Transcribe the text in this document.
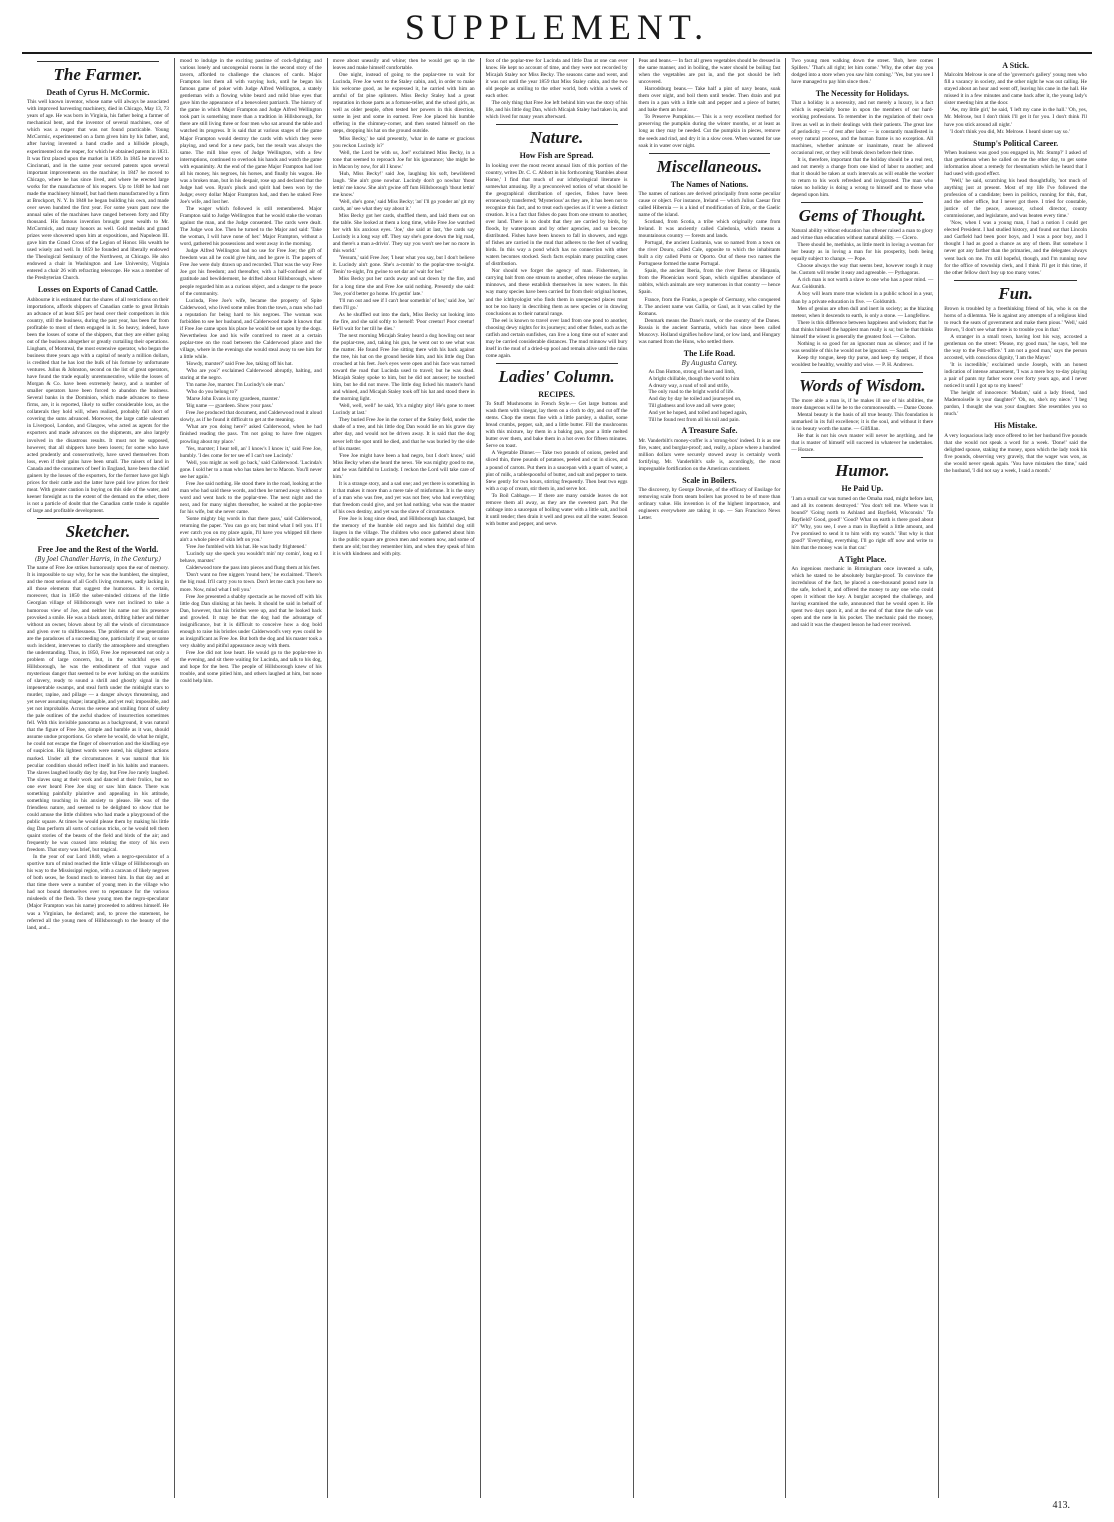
SUPPLEMENT.
The Farmer.
Death of Cyrus H. McCormic.

This well known inventor, whose name will always be associated with improved harvesting machinery, died in Chicago, May 13, 73 years of age. He was born in Virginia, his father being a farmer of mechanical bent, and the inventor of several machines, one of which was a reaper that was not found practicable. Young McCormic, experimented on a farm given him by his father, and, after having invented a hand cradle and a hillside plough, experimented on the reaper, for which he obtained patents in 1831. It was first placed upon the market in 1839. In 1845 he moved to Cincinnati, and in the same year secured patents upon several important improvements on the machine; in 1847 he moved to Chicago, where he has since lived, and where he erected large works for the manufacture of his reapers. Up to 1848 he had not made the machinery himself, but had them manufactured by a firm at Brockport, N. Y. In 1848 he began building his own, and made over seven hundred the first year. For some years past now the annual sales of the machines have ranged between forty and fifty thousand. His famous invention brought great wealth to Mr. McCormick, and many honors as well. Gold medals and grand prizes were showered upon him at expositions, and Napoleon III. gave him the Grand Cross of the Legion of Honor. His wealth he used wisely and well. In 1859 he founded and liberally endowed the Theological Seminary of the Northwest, at Chicago. He also endowed a chair in Washington and Lee University, Virginia entered a chair 26 with refracting telescope. He was a member of the Presbyterian Church.

Losses on Exports of Canad Cattle.

Ashbourne it is estimated that the shares of all restrictions on their importations, affords shippers of Canadian cattle to great Britain an advance of at least $15 per head over their competitors in this country, still the business, during the past year, has been far from profitable to most of them engaged in it. So heavy, indeed, have been the losses of some of the shippers, that they are either going out of the business altogether or greatly curtailing their operations. Lingham, of Montreal, the most extensive operator, who began the business three years ago with a capital of nearly a million dollars, is credited that he has lost the bulk of his fortune by unfortunate ventures. Julius & Johnston, second on the list of great operators, have found the trade equally unremunerative, while the losses of Morgan & Co. have been extremely heavy, and a number of smaller operators have been forced to abandon the business. Several banks in the Dominion, which made advances to these firms, are, it is reported, likely to suffer considerable loss, as the collaterals they hold will, when realized, probably fall short of covering the sums advanced. Moreover, the large cattle salesmen in Liverpool, London, and Glasgow, who acted as agents for the exporters and made advances on the shipments, are also largely involved in the disastrous results. It must not be supposed, however, that all shippers have been losers; for some who have acted prudently and conservatively, have saved themselves from loss, even if their gains have been small. The raisers of land in Canada and the consumers of beef in England, have been the chief gainers by the losses of the exporters, for the former have got high prices for their cattle and the latter have paid low prices for their meat. With greater caution in buying on this side of the water, and keener foresight as to the extent of the demand on the other, there is not a particle of doubt that the Canadian cattle trade is capable of large and profitable development.

Sketcher.
Free Joe and the Rest of the World.
(By Joel Chandler Harris, in the Century.)

The name of Free Joe strikes humorously upon the ear of memory. It is impossible to say why, for he was the humblest, the simplest, and the most serious of all God's living creatures, sadly lacking in all those elements that suggest the humorous. It is certain, moreover, that in 1850 the sober-minded citizens of the little Georgian village of Hillsborough were not inclined to take a humorous view of Joe, and neither his name nor his presence provoked a smile. He was a black atom, drifting hither and thither without an owner, blown about by all the winds of circumstance and given over to shiftlessness. The problems of one generation are the paradoxes of a succeeding one, particularly if war, or some such incident, intervenes to clarify the atmosphere and strengthen the understanding. Thus, in 1850, Free Joe represented not only a problem of large concern, but, in the watchful eyes of Hillsborough, he was the embodiment of that vague and mysterious danger that seemed to be ever lurking on the outskirts of slavery, ready to sound a shrill and ghostly signal in the impenetrable swamps, and steal forth under the midnight stars to murder, rapine, and pillage — a danger always threatening, and yet never assuming shape; intangible, and yet real; impossible, and yet not improbable. Across the serene and smiling front of safety the pale outlines of the awful shadow of insurrection sometimes fell. With this invisible panorama as a background, it was natural that the figure of Free Joe, simple and humble as it was, should assume undue proportions. Go where he would, do what he might, he could not escape the finger of observation and the kindling eye of suspicion. His lightest words were noted, his slightest actions marked. Under all the circumstances it was natural that his peculiar condition should reflect itself in his habits and manners. The slaves laughed loudly day by day, but Free Joe rarely laughed. The slaves sang at their work and danced at their frolics, but no one ever heard Free Joe sing or saw him dance. There was something painfully plaintive and appealing in his attitude, something touching in his anxiety to please. He was of the friendless nature, and seemed to be delighted to show that he could amuse the little children who had made a playground of the public square. At times he would please them by making his little dog Dan perform all sorts of curious tricks, or he would tell them quaint stories of the beasts of the field and birds of the air; and frequently he was coaxed into relating the story of his own freedom. That story was brief, but tragical.

In the year of our Lord 1840, when a negro-speculator of a sportive turn of mind reached the little village of Hillsborough on his way to the Mississippi region, with a caravan of likely negroes of both sexes, he found much to interest him. In that day and at that time there were a number of young men in the village who had not bound themselves over to repentance for the various misdeeds of the flesh. To these young men the negro-speculator (Major Frampton was his name) proceeded to address himself. He was a Virginian, he declared; and, to prove the statement, he referred all the young men of Hillsborough to the beauty of the land, and...

mood to indulge in the exciting pastime of cock-fighting; and various lonely and uncongenial rooms in the second story of the tavern, afforded to challenge the chances of cards. Major Frampton lost them all with varying luck, until he began his famous game of poker with Judge Alfred Wellington, a stately gentleman with a flowing white beard and mild blue eyes that gave him the appearance of a benevolent patriarch. The history of the game in which Major Frampton and Judge Alfred Wellington took part is something more than a tradition in Hillsborough, for there are still living three or four men who sat around the table and watched its progress. It is said that at various stages of the game Major Frampton would destroy the cards with which they were playing, and send for a new pack, but the result was always the same. The mill blue eyes of Judge Wellington, with a few interruptions, continued to overlook his hands and watch the game with equanimity. At the end of the game Major Frampton had lost all his money, his negroes, his horses, and finally his wagon. He was a broken man, but in his despair, rose up and declared that the Judge had won. Ryan's pluck and spirit had been won by the Judge; every dollar Major Frampton had, and then he staked Free Joe's wife, and lost her.

The wager which followed is still remembered. Major Frampton said to Judge Wellington that he would stake the woman against the man, and the Judge consented. The cards were dealt. The Judge won Joe. Then he turned to the Major and said: 'Take the woman, I will have none of her.' Major Frampton, without a word, gathered his possessions and went away in the morning.

Judge Alfred Wellington had no use for Free Joe; the gift of freedom was all he could give him, and he gave it. The papers of Free Joe were duly drawn up and recorded. That was the way Free Joe got his freedom; and thereafter, with a half-confused air of gratitude and bewilderment, he drifted about Hillsborough, where people regarded him as a curious object, and a danger to the peace of the community.

Lucinda, Free Joe's wife, became the property of Spite Calderwood, who lived some miles from the town, a man who had a reputation for being hard to his negroes. The woman was forbidden to see her husband, and Calderwood made it known that if Free Joe came upon his place he would be set upon by the dogs. Nevertheless Joe and his wife contrived to meet at a certain poplar-tree on the road between the Calderwood place and the village, where in the evenings she would steal away to see him for a little while.

'Howdy, marster?' said Free Joe, taking off his hat.

'Who are you?' exclaimed Calderwood abruptly, halting, and staring at the negro.

'I'm name Joe, marster. I'm Lucindy's ole man.'

'Who do you belong to?'

'Marse John Evans is my gyardeen, marster.'

'Big name — gyardeen. Show your pass.'

Free Joe produced that document, and Calderwood read it aloud slowly, as if he found it difficult to get at the meaning.

'What are you doing here?' asked Calderwood, when he had finished reading the pass. 'I'm not going to have free niggers prowling about my place.'

'Yes, marster; I hear tell, an' I know's I know it,' said Free Joe, humbly. 'I des come fer ter see ef I can't see Lucindy.'

'Well, you might as well go back,' said Calderwood. 'Lucinda's gone. I sold her to a man who has taken her to Macon. You'll never see her again.'

Free Joe said nothing. He stood there in the road, looking at the man who had said these words, and then he turned away without a word and went back to the poplar-tree. The next night and the next, and for many nights thereafter, he waited at the poplar-tree for his wife, but she never came.

'Some mighty big words in that there pass,' said Calderwood, returning the paper. 'You can go on; but mind what I tell you. If I ever catch you on my place again, I'll have you whipped till there ain't a whole piece of skin left on you.'

'Free Joe fumbled with his hat. He was badly frightened.'

'Lucindy say she speck you wouldn't min' my comin', long ez I behave, marster.'

Calderwood tore the pass into pieces and flung them at his feet.

'Don't want no free niggers 'round here,' he exclaimed. 'There's the big road. It'll carry you to town. Don't let me catch you here no more. Now, mind what I tell you.'

Free Joe presented a shabby spectacle as he moved off with his little dog Dan slinking at his heels. It should be said in behalf of Dan, however, that his bristles were up, and that he looked back and growled. It may be that the dog had the advantage of insignificance, but it is difficult to conceive how a dog bold enough to raise his bristles under Calderwood's very eyes could be as insignificant as Free Joe. But both the dog and his master took a very shabby and pitiful appearance away with them.

Free Joe did not lose heart. He would go to the poplar-tree in the evening, and sit there waiting for Lucinda, and talk to his dog, and hope for the best. The people of Hillsborough knew of his trouble, and some pitied him, and others laughed at him, but none could help him.

move about uneasily and whine; then he would get up in the leaves and make himself comfortable.

One night, instead of going to the poplar-tree to wait for Lucinda, Free Joe went to the Staley cabin, and, in order to make his welcome good, as he expressed it, he carried with him an armful of fat pine splinters. Miss Becky Staley had a great reputation in those parts as a fortune-teller, and the school girls, as well as older people, often tested her powers in this direction, some in jest and some in earnest. Free Joe placed his humble offering in the chimney-corner, and then seated himself on the steps, dropping his hat on the ground outside.

'Miss Becky,' he said presently, 'whar in de name er gracious you reckon Lucindy is?'

'Well, the Lord be with us, Joe!' exclaimed Miss Becky, in a tone that seemed to reproach Joe for his ignorance; 'she might be in Macon by now, for all I know.'

'Huh, Miss Becky!' said Joe, laughing his soft, bewildered laugh. 'She ain't gone nowhar. Lucindy don't go nowhar 'thout lettin' me know. She ain't gwine off fum Hillsborough 'thout lettin' me know.'

'Well, she's gone,' said Miss Becky; 'an' I'll go yonder an' git my cards, an' see what they say about it.'

Miss Becky got her cards, shuffled them, and laid them out on the table. She looked at them a long time, while Free Joe watched her with his anxious eyes. 'Joe,' she said at last, 'the cards say Lucindy is a long way off. They say she's gone down the big road, and there's a man a-drivin'. They say you won't see her no more in this world.'

'Yessum,' said Free Joe; 'I hear what you say, but I don't believe it. Lucindy ain't gone. She's a-comin' to the poplar-tree to-night. Tenin' to-night, I'm gwine to set dar an' wait for her.'

Miss Becky put her cards away and sat down by the fire, and for a long time she and Free Joe said nothing. Presently she said: 'Joe, you'd better go home. It's gettin' late.'

'I'll run out and see if I can't hear somethin' of her,' said Joe, 'an' then I'll go.'

As he shuffled out into the dark, Miss Becky sat looking into the fire, and she said softly to herself: 'Poor creetur! Poor creetur! He'll wait for her till he dies.'

The next morning Micajah Staley heard a dog howling out near the poplar-tree, and, taking his gun, he went out to see what was the matter. He found Free Joe sitting there with his back against the tree, his hat on the ground beside him, and his little dog Dan crouched at his feet. Joe's eyes were open and his face was turned toward the road that Lucinda used to travel; but he was dead. Micajah Staley spoke to him, but he did not answer; he touched him, but he did not move. The little dog licked his master's hand and whined, and Micajah Staley took off his hat and stood there in the morning light.

'Well, well, well!' he said, 'it's a mighty pity! He's gone to meet Lucindy at last.'

They buried Free Joe in the corner of the Staley field, under the shade of a tree, and his little dog Dan would lie on his grave day after day, and would not be driven away. It is said that the dog never left the spot until he died, and that he was buried by the side of his master.

'Free Joe might have been a bad negro, but I don't know,' said Miss Becky when she heard the news. 'He was mighty good to me, and he was faithful to Lucindy. I reckon the Lord will take care of him.'

It is a strange story, and a sad one; and yet there is something in it that makes it more than a mere tale of misfortune. It is the story of a man who was free, and yet was not free; who had everything that freedom could give, and yet had nothing; who was the master of his own destiny, and yet was the slave of circumstance.

Free Joe is long since dead, and Hillsborough has changed, but the memory of the humble old negro and his faithful dog still lingers in the village. The children who once gathered about him in the public square are grown men and women now, and some of them are old; but they remember him, and when they speak of him it is with kindness and with pity.

foot of the poplar-tree for Lucinda and little Dan at one can ever know. He kept no account of time, and they were not recorded by Micajah Staley nor Miss Becky. The seasons came and went, and it was not until the year 1859 that Miss Staley cabin, and the two old people as smiling to the other world, both within a week of each other.

The only thing that Free Joe left behind him was the story of his life, and his little dog Dan, which Micajah Staley had taken in, and which lived for many years afterward.

Nature.
How Fish are Spread.

In looking over the most recent annual lists of this portion of the country, writes Dr. C. C. Abbott in his forthcoming 'Rambles about Home,' I find that much of our ichthyological literature is somewhat amusing. By a preconceived notion of what should be the geographical distribution of species, fishes have been erroneously transferred; 'Mysterious' as they are, it has been not to recognize this fact, and to treat each species as if it were a distinct creation. It is a fact that fishes do pass from one stream to another, over land. There is no doubt that they are carried by birds, by floods, by waterspouts and by other agencies, and so become distributed. Fishes have been known to fall in showers, and eggs of fishes are carried in the mud that adheres to the feet of wading birds. In this way a pond which has no connection with other waters becomes stocked. Such facts explain many puzzling cases of distribution.

Nor should we forget the agency of man. Fishermen, in carrying bait from one stream to another, often release the surplus minnows, and these establish themselves in new waters. In this way many species have been carried far from their original homes, and the ichthyologist who finds them in unexpected places must not be too hasty in describing them as new species or in drawing conclusions as to their natural range.

The eel is known to travel over land from one pond to another, choosing dewy nights for its journeys; and other fishes, such as the catfish and certain sunfishes, can live a long time out of water and may be carried considerable distances. The mud minnow will bury itself in the mud of a dried-up pool and remain alive until the rains come again.

Ladies' Column.
RECIPES.

To Stuff Mushrooms in French Style.— Get large buttons and wash them with vinegar, lay them on a cloth to dry, and cut off the stems. Chop the stems fine with a little parsley, a shallot, some bread crumbs, pepper, salt, and a little butter. Fill the mushrooms with this mixture, lay them in a baking pan, pour a little melted butter over them, and bake them in a hot oven for fifteen minutes. Serve on toast.

A Vegetable Dinner.— Take two pounds of onions, peeled and sliced thin, three pounds of potatoes, peeled and cut in slices, and a pound of carrots. Put them in a saucepan with a quart of water, a pint of milk, a tablespoonful of butter, and salt and pepper to taste. Stew gently for two hours, stirring frequently. Then beat two eggs with a cup of cream, stir them in, and serve hot.

To Boil Cabbage.— If there are many outside leaves do not remove them all away, as they are the sweetest part. Put the cabbage into a saucepan of boiling water with a little salt, and boil it until tender; then drain it well and press out all the water. Season with butter and pepper, and serve.

Peas and beans.— In fact all green vegetables should be dressed in the same manner, and in boiling, the water should be boiling fast when the vegetables are put in, and the pot should be left uncovered.

Harrodsburg beans.— Take half a pint of navy beans, soak them over night, and boil them until tender. Then drain and put them in a pan with a little salt and pepper and a piece of butter, and bake them an hour.

To Preserve Pumpkins.— This is a very excellent method for preserving the pumpkin during the winter months, or at least as long as they may be needed. Cut the pumpkin in pieces, remove the seeds and rind, and dry it in a slow oven. When wanted for use soak it in water over night.

Miscellaneous.
The Names of Nations.

The names of nations are derived principally from some peculiar cause or object. For instance, Ireland — which Julius Caesar first called Hibernia — is a kind of modification of Erin, or the Gaelic name of the island.

Scotland, from Scotia, a tribe which originally came from Ireland. It was anciently called Caledonia, which means a mountainous country — forests and lands.

Portugal, the ancient Lusitania, was so named from a town on the river Douro, called Cale, opposite to which the inhabitants built a city called Porto or Oporto. Out of these two names the Portuguese formed the name Portugal.

Spain, the ancient Iberia, from the river Iberus or Hispania, from the Phoenician word Span, which signifies abundance of rabbits, which animals are very numerous in that country — hence Spain.

France, from the Franks, a people of Germany, who conquered it. The ancient name was Gallia, or Gaul, as it was called by the Romans.

Denmark means the Dane's mark, or the country of the Danes. Russia is the ancient Sarmatia, which has since been called Muscovy. Holland signifies hollow land, or low land, and Hungary was named from the Huns, who settled there.

The Life Road.
By Augusta Carey.
As Dan Hutton, strong of heart and limb,
A bright chillable, though the world to him
A dreary way, a road of toil and strife,
The only road to the bright world of life.
And day by day he toiled and journeyed on,
Till gladness and love and all were gone;
And yet he hoped, and toiled and hoped again,
Till he found rest from all his toil and pain.
A Treasure Safe.

Mr. Vanderbilt's money-coffer is a 'strong-box' indeed. It is as one fire, water, and burglar-proof; and, really, a place where a hundred million dollars were securely stowed away is certainly worth fortifying. Mr. Vanderbilt's safe is, accordingly, the most impregnable fortification on the American continent.

Scale in Boilers.

The discovery, by George Downie, of the efficacy of Ensilage for removing scale from steam boilers has proved to be of more than ordinary value. His invention is of the highest importance, and engineers everywhere are taking it up. — San Francisco News Letter.

Two young men walking down the street. 'Bob, here comes Spillers.' 'That's all right; let him come.' 'Why, the other day you dodged into a store when you saw him coming.' 'Yes, but you see I have managed to pay him since then.'

The Necessity for Holidays.

That a holiday is a necessity, and not merely a luxury, is a fact which is especially borne in upon the members of our hard-working professions. To remember in the regulation of their own lives as well as in their dealings with their patients. The great law of periodicity — of rest after labor — is constantly manifested in every natural process, and the human frame is no exception. All machines, whether animate or inanimate, must be allowed occasional rest, or they will break down before their time.

It is, therefore, important that the holiday should be a real rest, and not merely a change from one kind of labor to another; and that it should be taken at such intervals as will enable the worker to return to his work refreshed and invigorated. The man who takes no holiday is doing a wrong to himself and to those who depend upon him.

Gems of Thought.

Natural ability without education has oftener raised a man to glory and virtue than education without natural ability. — Cicero.

There should be, methinks, as little merit in loving a woman for her beauty as in loving a man for his prosperity, both being equally subject to change. — Pope.

Choose always the way that seems best, however rough it may be. Custom will render it easy and agreeable. — Pythagoras.

A rich man is not worth a slave to one who has a poor mind. — Aur. Goldsmith.

A boy will learn more true wisdom in a public school in a year, than by a private education in five. — Goldsmith.

Men of genius are often dull and inert in society; as the blazing meteor, when it descends to earth, is only a stone. — Longfellow.

There is this difference between happiness and wisdom; that he that thinks himself the happiest man really is so; but he that thinks himself the wisest is generally the greatest fool. — Colton.

Nothing is so good for an ignorant man as silence; and if he was sensible of this he would not be ignorant. — Saadi.

Keep thy tongue, keep thy purse, and keep thy temper, if thou wouldest be healthy, wealthy and wise. — P. H. Andrews.

Words of Wisdom.

The more able a man is, if he makes ill use of his abilities, the more dangerous will he be to the commonwealth. — Dame Ozone.

Mental beauty is the basis of all true beauty. This foundation is unmarked in its full excellence; it is the soul, and without it there is no beauty worth the name. — Gilfillan.

He that is not his own master will never be anything, and he that is master of himself will succeed in whatever he undertakes. — Horace.

Humor.
He Paid Up.

'I am a small car was turned on the Omaha road, might before last, and all its contents destroyed.' 'You don't tell me. Where was it bound?' 'Going north to Ashland and Bayfield, Wisconsin.' 'To Bayfield? Good, good!' 'Good? What on earth is there good about it?' 'Why, you see, I owe a man in Bayfield a little amount, and I've promised to send it to him with my watch.' 'But why is that good?' 'Everything, everything. I'll go right off now and write to him that the money was in that car.'

A Tight Place.

An ingenious mechanic in Birmingham once invented a safe, which he stated to be absolutely burglar-proof. To convince the incredulous of the fact, he placed a one-thousand pound note in the safe, locked it, and offered the money to any one who could open it without the key. A burglar accepted the challenge, and having examined the safe, announced that he would open it. He spent two days upon it, and at the end of that time the safe was open and the note in his pocket. The mechanic paid the money, and said it was the cheapest lesson he had ever received.

A Stick.

Malcolm Melrose is one of the 'governor's gallery' young men who fill a vacancy in society, and the other night he was out calling. He stayed about an hour and went off, leaving his cane in the hall. He missed it in a few minutes and came back after it, the young lady's sister meeting him at the door.

'Aw, my little girl,' he said, 'I left my cane in the hall.' 'Oh, yes, Mr. Melrose, but I don't think I'll get it for you. I don't think I'll have you stick around all night.'

'I don't think you did, Mr. Melrose. I heard sister say so.'

Stump's Political Career.

When business was good you engaged in, Mr. Stump?' I asked of that gentleman when he called on me the other day, to get some information about a remedy for rheumatism which he heard that I had used with good effect.

'Well,' he said, scratching his head thoughtfully, 'not much of anything just at present. Most of my life I've followed the profession of a candidate; been in politics, running for this, that, and the other office, but I never got there. I tried for constable, justice of the peace, assessor, school director, county commissioner, and legislature, and was beaten every time.'

'Now, when I was a young man, I had a notion I could get elected President. I had studied history, and found out that Lincoln and Garfield had been poor boys, and I was a poor boy, and I thought I had as good a chance as any of them. But somehow I never got any farther than the primaries, and the delegates always went back on me. I'm still hopeful, though, and I'm running now for the office of township clerk, and I think I'll get it this time, if the other fellow don't buy up too many votes.'

Fun.

Brown is troubled by a freethinking friend of his, who is on the horns of a dilemma. 'He is against any attempts of a religious kind to reach the seats of government and make them pious.' 'Well,' said Brown, 'I don't see what there is to trouble you in that.'

A stranger in a small town, having lost his way, accosted a gentleman on the street: 'Please, my good man,' he says, 'tell me the way to the Post-office.' 'I am not a good man,' says the person accosted, with conscious dignity, 'I am the Mayor.'

'It is incredible,' exclaimed uncle Joseph, with an honest indication of intense amazement, 'I was a mere boy to-day playing a pair of pants my father wore over forty years ago, and I never noticed it until I got up to my knees!'

The height of innocence: 'Madam,' said a lady friend, 'and Mademoiselle is your daughter?' 'Oh, no, she's my niece.' 'I beg pardon, I thought she was your daughter. She resembles you so much.'

His Mistake.

A very loquacious lady once offered to let her husband five pounds that she would not speak a word for a week. 'Done!' said the delighted spouse, staking the money, upon which the lady took his five pounds, observing very gravely, that the wager was won, as she would never speak again. 'You have mistaken the time,' said the husband, 'I did not say a week, I said a month.'

413.
